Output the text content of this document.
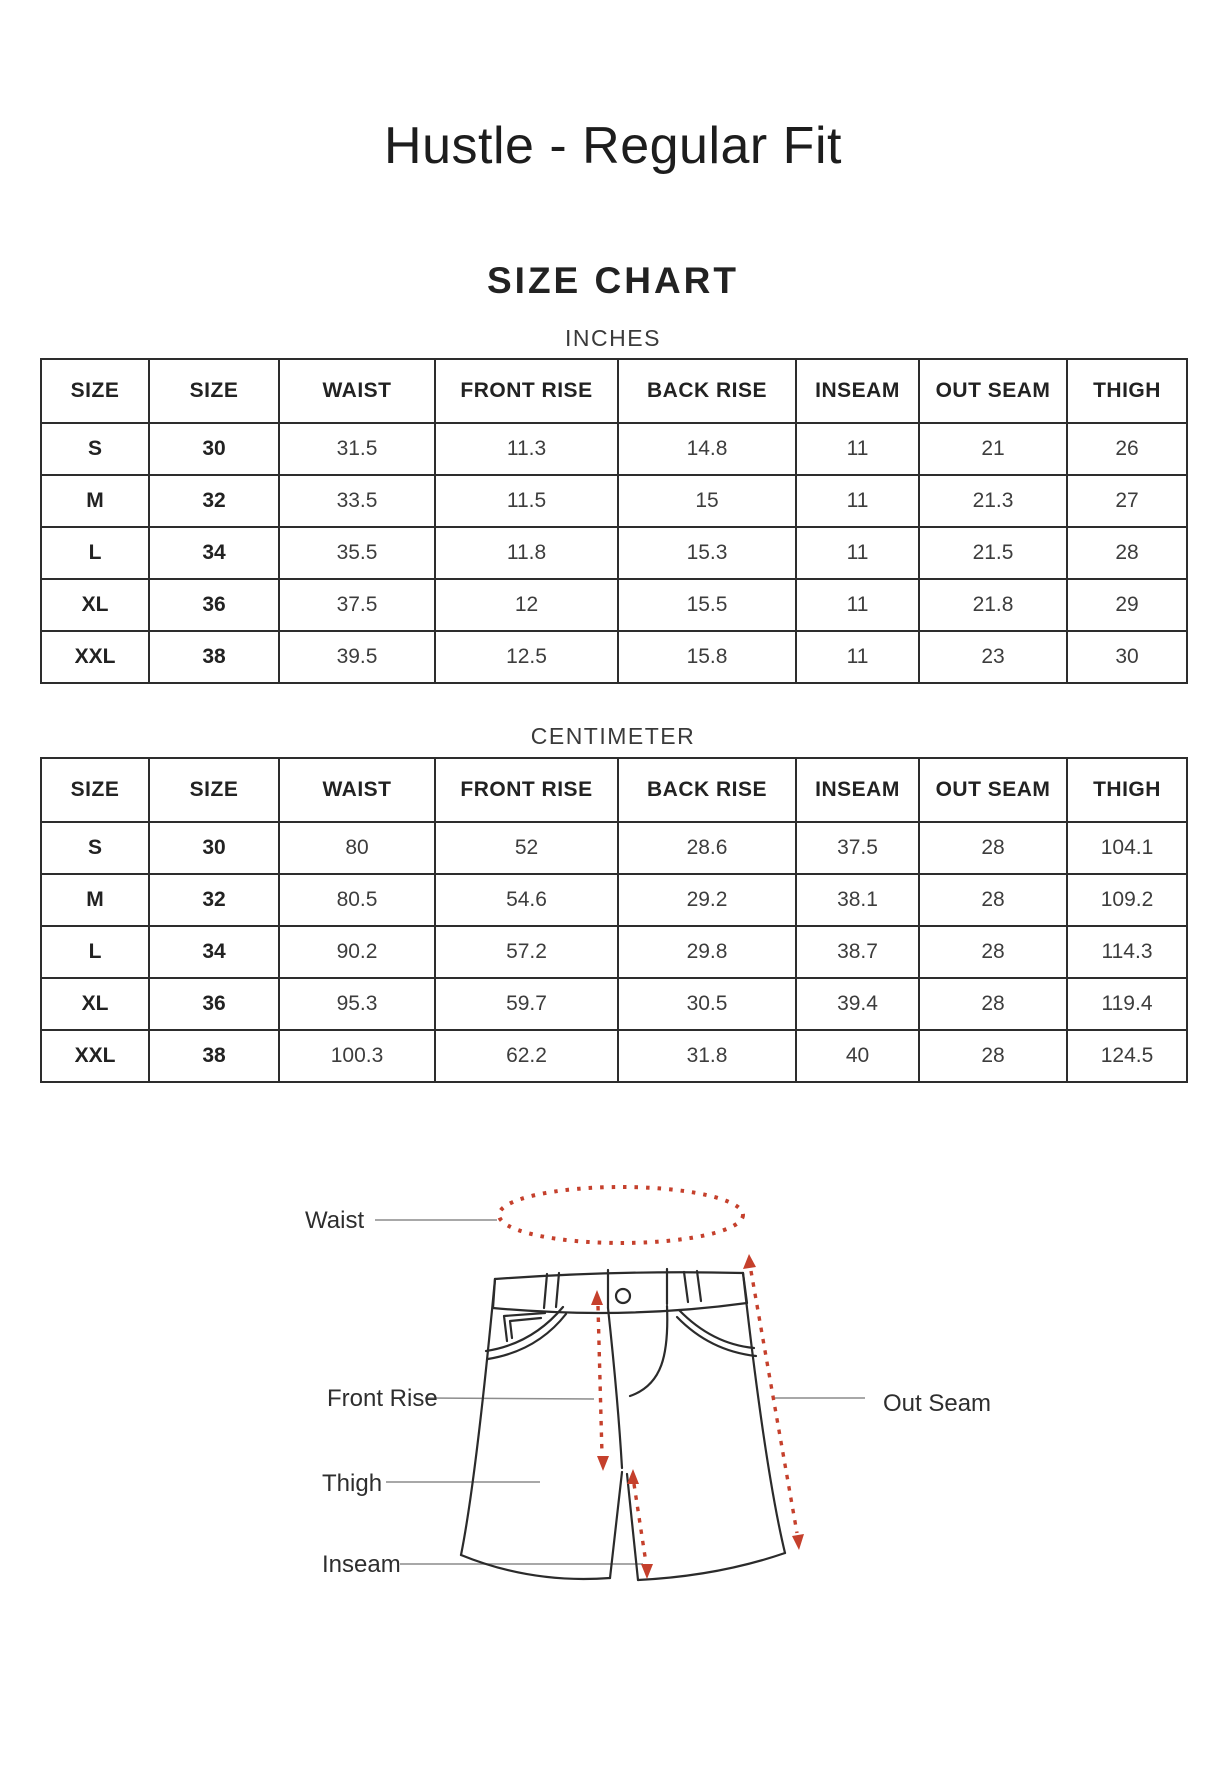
Hustle - Regular Fit
SIZE CHART
INCHES
SIZE	SIZE	WAIST	FRONT RISE	BACK RISE	INSEAM	OUT SEAM	THIGH
S	30	31.5	11.3	14.8	11	21	26
M	32	33.5	11.5	15	11	21.3	27
L	34	35.5	11.8	15.3	11	21.5	28
XL	36	37.5	12	15.5	11	21.8	29
XXL	38	39.5	12.5	15.8	11	23	30
CENTIMETER
SIZE	SIZE	WAIST	FRONT RISE	BACK RISE	INSEAM	OUT SEAM	THIGH
S	30	80	52	28.6	37.5	28	104.1
M	32	80.5	54.6	29.2	38.1	28	109.2
L	34	90.2	57.2	29.8	38.7	28	114.3
XL	36	95.3	59.7	30.5	39.4	28	119.4
XXL	38	100.3	62.2	31.8	40	28	124.5
Waist
Front Rise
Thigh
Inseam
Out Seam
